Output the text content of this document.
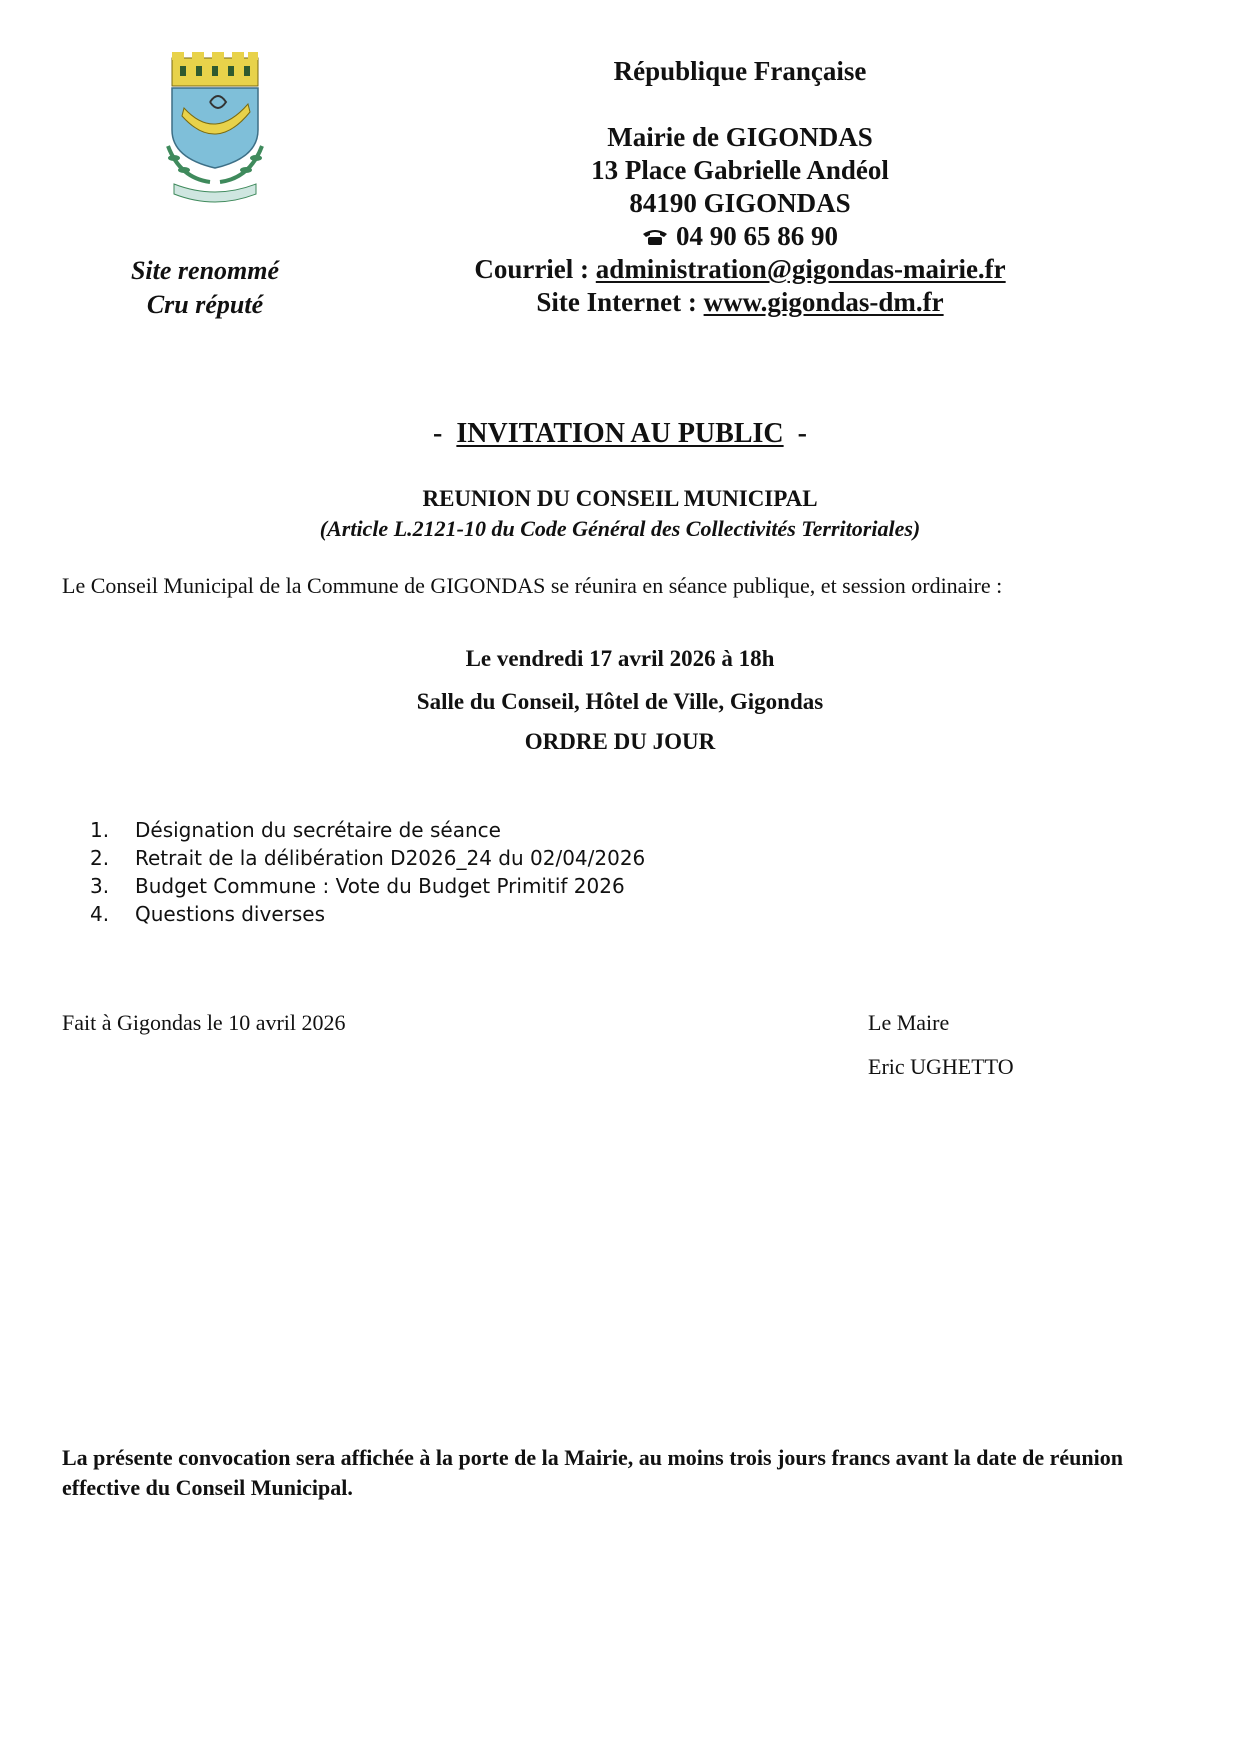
Site renommé
Cru réputé
République Française
Mairie de GIGONDAS
13 Place Gabrielle Andéol
84190 GIGONDAS
04 90 65 86 90
Courriel : administration@gigondas-mairie.fr
Site Internet : www.gigondas-dm.fr
- INVITATION AU PUBLIC -
REUNION DU CONSEIL MUNICIPAL
(Article L.2121-10 du Code Général des Collectivités Territoriales)
Le Conseil Municipal de la Commune de GIGONDAS se réunira en séance publique, et session ordinaire :
Le vendredi 17 avril 2026 à 18h
Salle du Conseil, Hôtel de Ville, Gigondas
ORDRE DU JOUR
1.	Désignation du secrétaire de séance
2.	Retrait de la délibération D2026_24 du 02/04/2026
3.	Budget Commune : Vote du Budget Primitif 2026
4.	Questions diverses
Fait à Gigondas le 10 avril 2026	Le Maire
Eric UGHETTO
La présente convocation sera affichée à la porte de la Mairie, au moins trois jours francs avant la date de réunion effective du Conseil Municipal.
